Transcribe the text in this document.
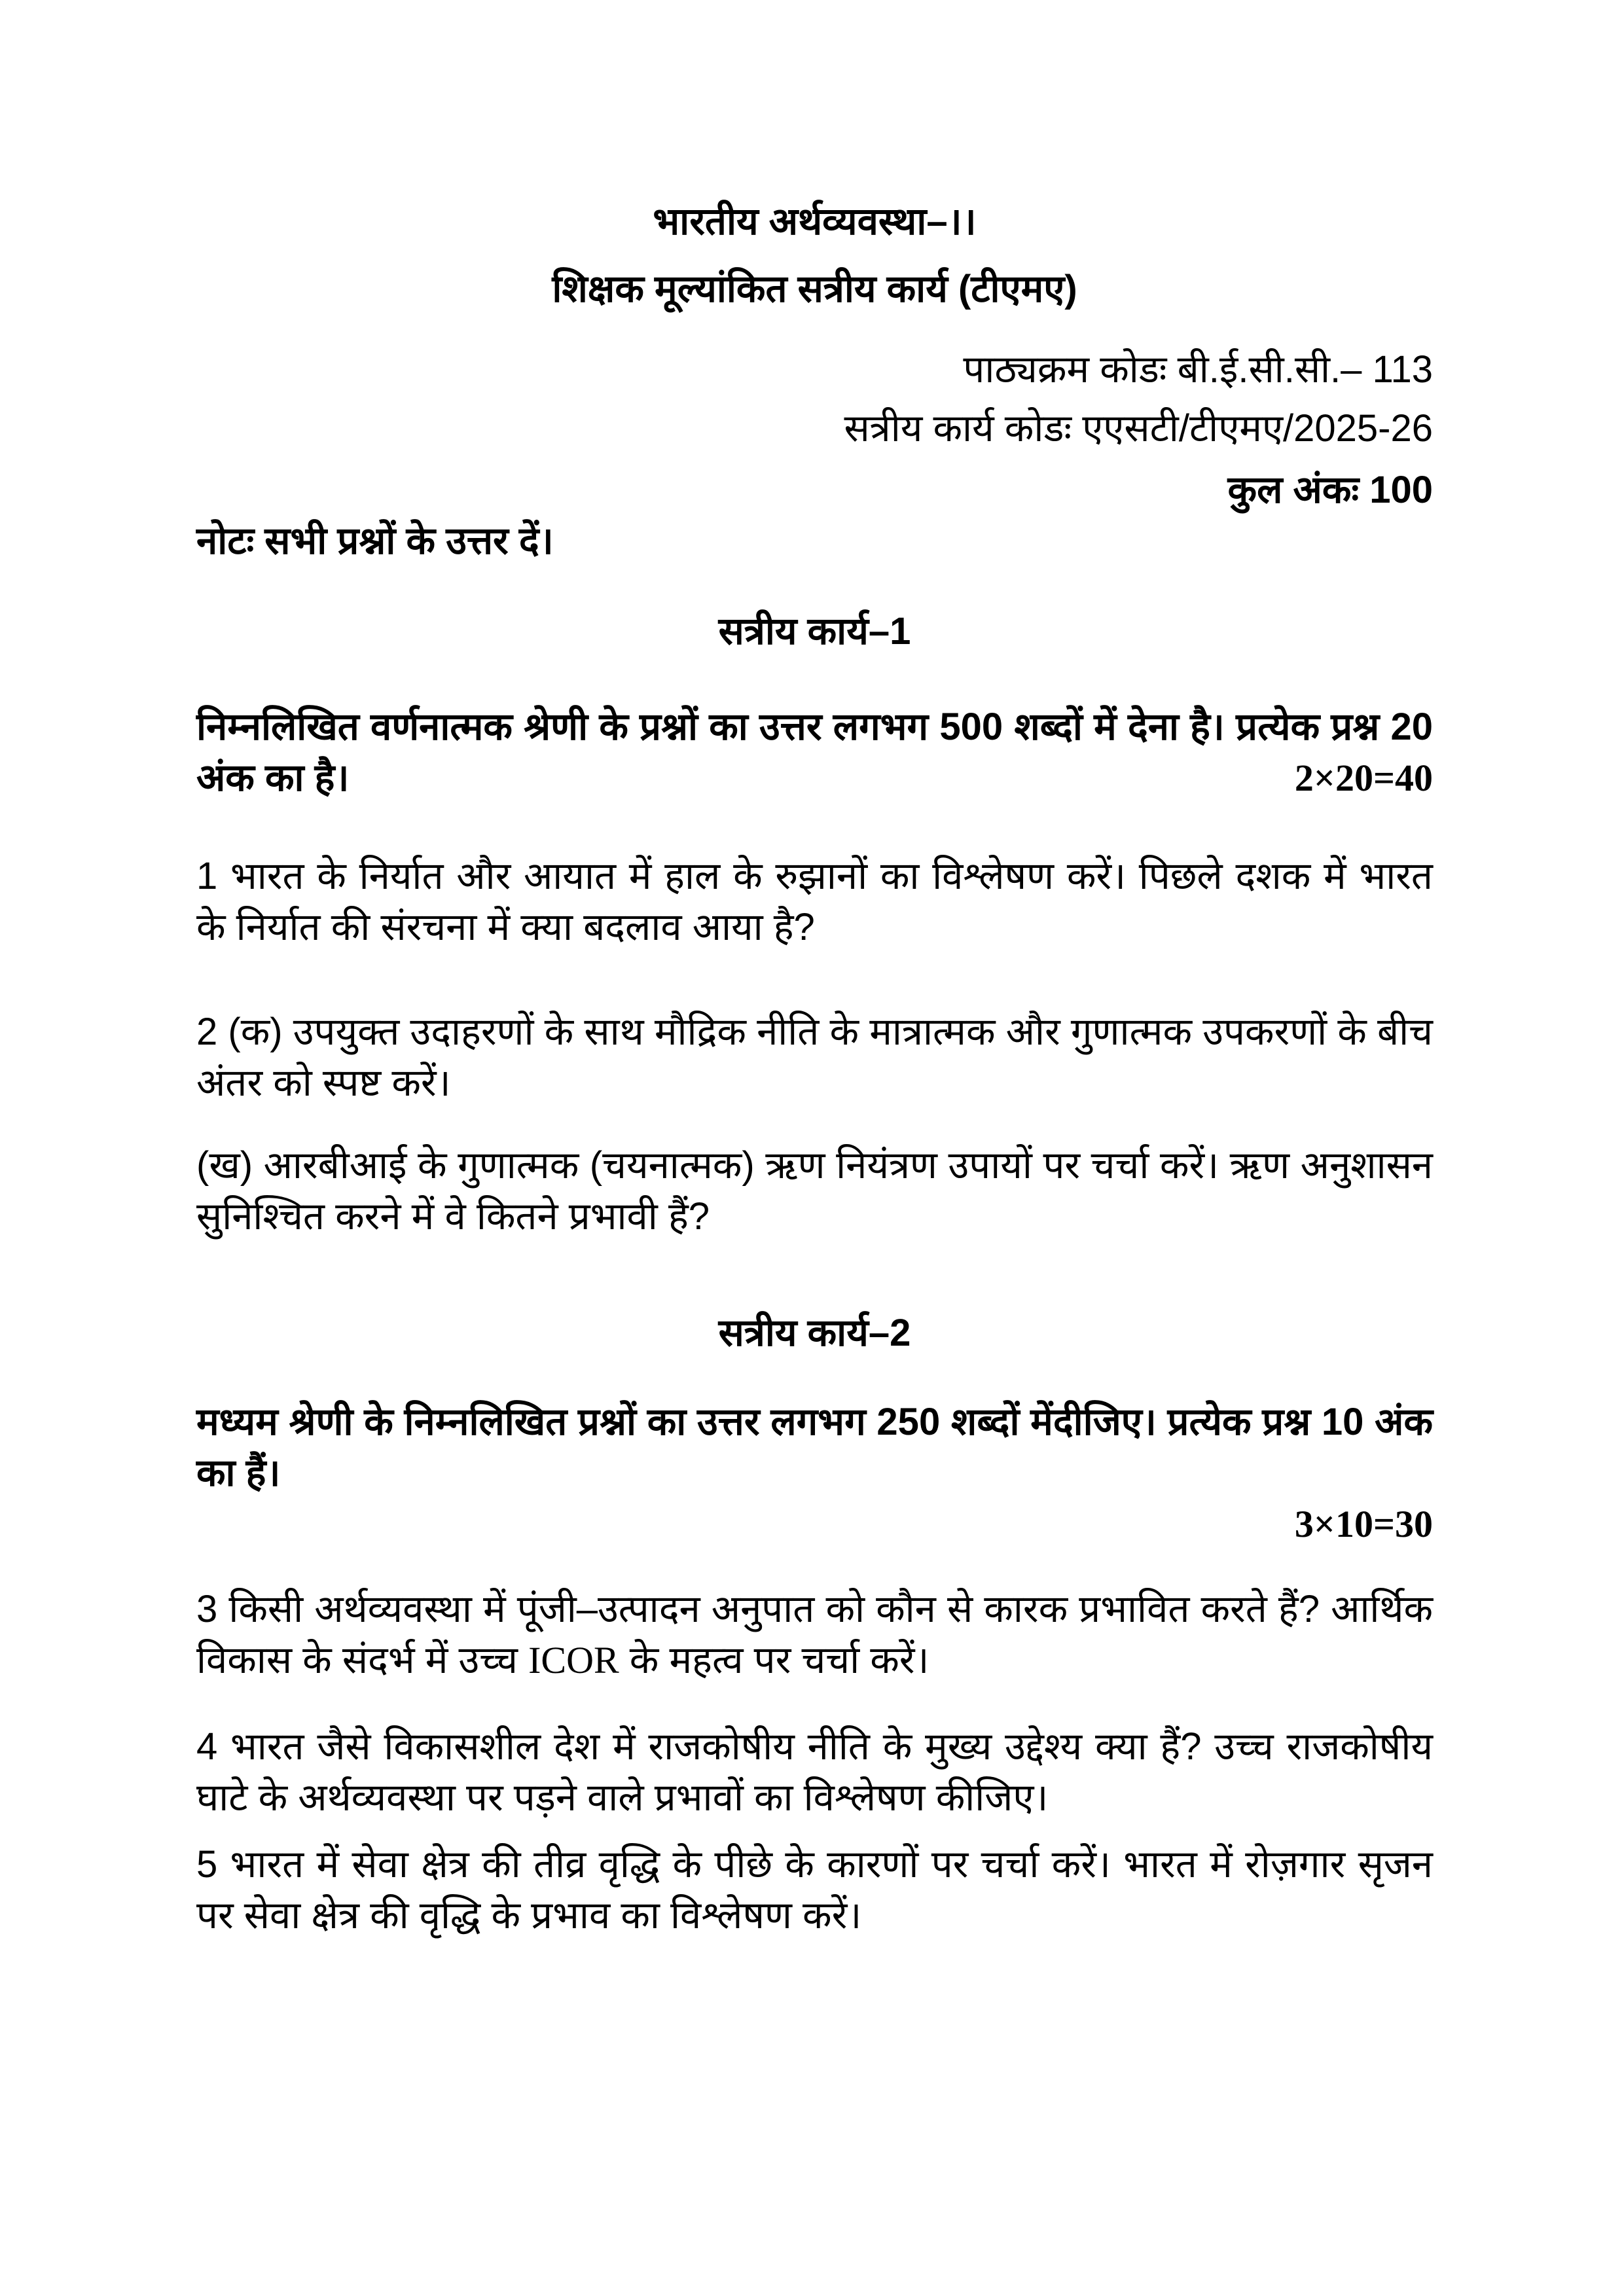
भारतीय अर्थव्यवस्था–।।

शिक्षक मूल्यांकित सत्रीय कार्य (टीएमए)

पाठ्यक्रम कोडः बी.ई.सी.सी.– 113

सत्रीय कार्य कोडः एएसटी/टीएमए/2025-26

कुल अंकः 100

नोटः सभी प्रश्नों के उत्तर दें।

सत्रीय कार्य–1

निम्नलिखित वर्णनात्मक श्रेणी के प्रश्नों का उत्तर लगभग 500 शब्दों में देना है। प्रत्येक प्रश्न 20 अंक का है।	2×20=40

1 भारत के निर्यात और आयात में हाल के रुझानों का विश्लेषण करें। पिछले दशक में भारत के निर्यात की संरचना में क्या बदलाव आया है?

2 (क) उपयुक्त उदाहरणों के साथ मौद्रिक नीति के मात्रात्मक और गुणात्मक उपकरणों के बीच अंतर को स्पष्ट करें।

(ख) आरबीआई के गुणात्मक (चयनात्मक) ऋण नियंत्रण उपायों पर चर्चा करें। ऋण अनुशासन सुनिश्चित करने में वे कितने प्रभावी हैं?

सत्रीय कार्य–2

मध्यम श्रेणी के निम्नलिखित प्रश्नों का उत्तर लगभग 250 शब्दों मेंदीजिए। प्रत्येक प्रश्न 10 अंक का हैं।

3×10=30

3 किसी अर्थव्यवस्था में पूंजी–उत्पादन अनुपात को कौन से कारक प्रभावित करते हैं? आर्थिक विकास के संदर्भ में उच्च ICOR के महत्व पर चर्चा करें।

4 भारत जैसे विकासशील देश में राजकोषीय नीति के मुख्य उद्देश्य क्या हैं? उच्च राजकोषीय घाटे के अर्थव्यवस्था पर पड़ने वाले प्रभावों का विश्लेषण कीजिए।

5 भारत में सेवा क्षेत्र की तीव्र वृद्धि के पीछे के कारणों पर चर्चा करें। भारत में रोज़गार सृजन पर सेवा क्षेत्र की वृद्धि के प्रभाव का विश्लेषण करें।
